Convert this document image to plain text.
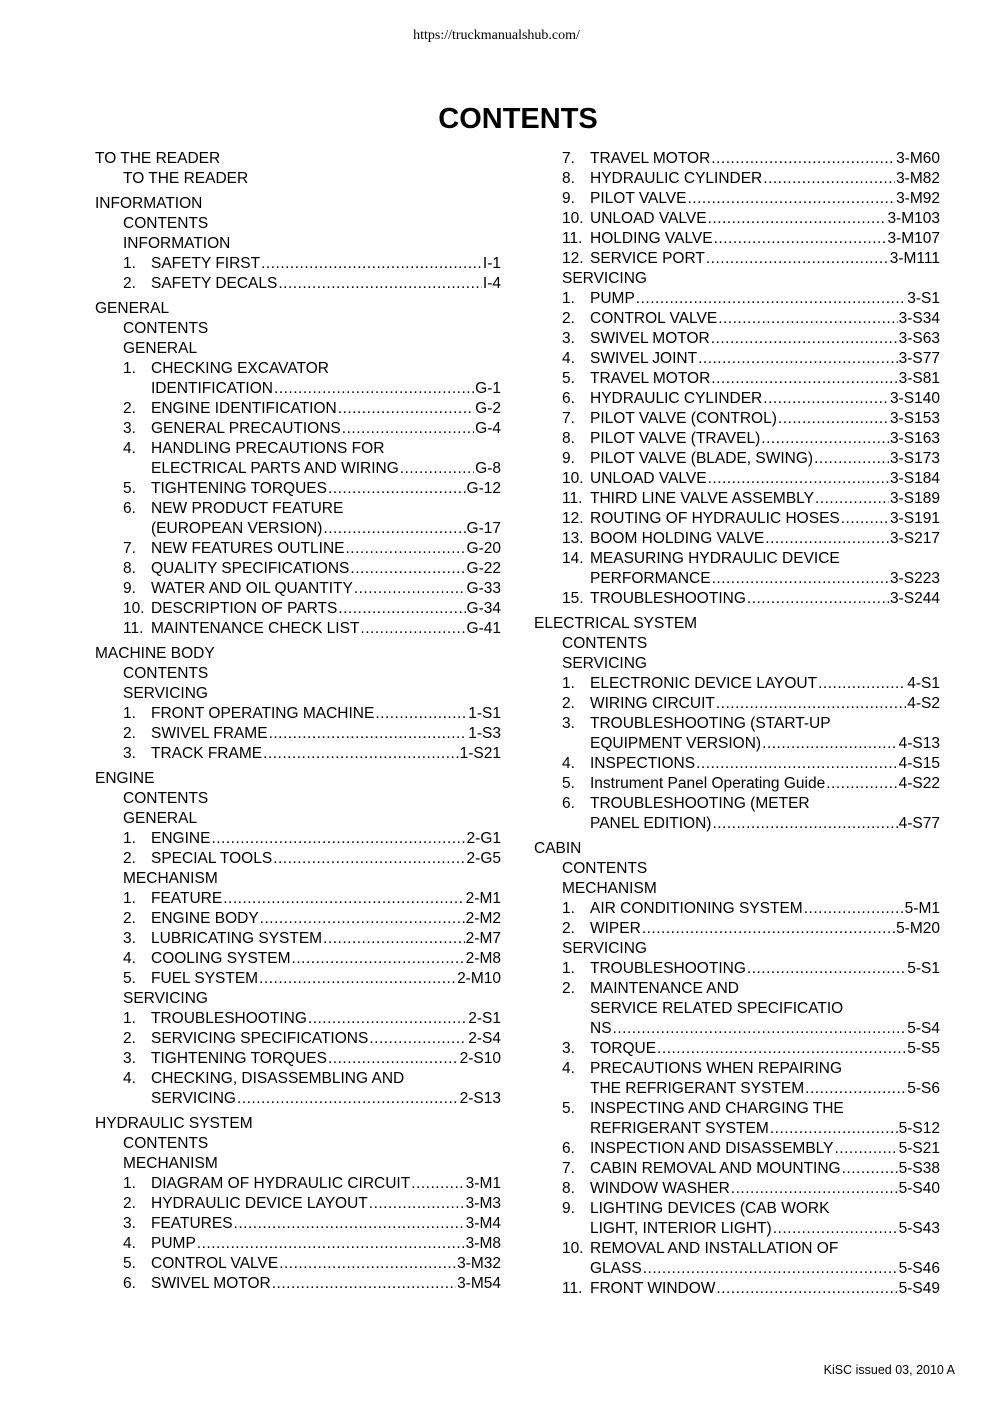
https://truckmanualshub.com/
CONTENTS
TO THE READER
TO THE READER
INFORMATION
CONTENTS
INFORMATION
1. SAFETY FIRST .....	I-1
2. SAFETY DECALS .....	I-4
GENERAL
CONTENTS
GENERAL
1. CHECKING EXCAVATOR
IDENTIFICATION .....	G-1
2. ENGINE IDENTIFICATION .....	G-2
3. GENERAL PRECAUTIONS .....	G-4
4. HANDLING PRECAUTIONS FOR
ELECTRICAL PARTS AND WIRING .....	G-8
5. TIGHTENING TORQUES .....	G-12
6. NEW PRODUCT FEATURE
(EUROPEAN VERSION) .....	G-17
7. NEW FEATURES OUTLINE .....	G-20
8. QUALITY SPECIFICATIONS .....	G-22
9. WATER AND OIL QUANTITY .....	G-33
10. DESCRIPTION OF PARTS .....	G-34
11. MAINTENANCE CHECK LIST .....	G-41
MACHINE BODY
CONTENTS
SERVICING
1. FRONT OPERATING MACHINE .....	1-S1
2. SWIVEL FRAME .....	1-S3
3. TRACK FRAME .....	1-S21
ENGINE
CONTENTS
GENERAL
1. ENGINE .....	2-G1
2. SPECIAL TOOLS .....	2-G5
MECHANISM
1. FEATURE .....	2-M1
2. ENGINE BODY .....	2-M2
3. LUBRICATING SYSTEM .....	2-M7
4. COOLING SYSTEM .....	2-M8
5. FUEL SYSTEM .....	2-M10
SERVICING
1. TROUBLESHOOTING .....	2-S1
2. SERVICING SPECIFICATIONS .....	2-S4
3. TIGHTENING TORQUES .....	2-S10
4. CHECKING, DISASSEMBLING AND
SERVICING .....	2-S13
HYDRAULIC SYSTEM
CONTENTS
MECHANISM
1. DIAGRAM OF HYDRAULIC CIRCUIT .....	3-M1
2. HYDRAULIC DEVICE LAYOUT .....	3-M3
3. FEATURES .....	3-M4
4. PUMP .....	3-M8
5. CONTROL VALVE .....	3-M32
6. SWIVEL MOTOR .....	3-M54
7. TRAVEL MOTOR .....	3-M60
8. HYDRAULIC CYLINDER .....	3-M82
9. PILOT VALVE .....	3-M92
10. UNLOAD VALVE .....	3-M103
11. HOLDING VALVE .....	3-M107
12. SERVICE PORT .....	3-M111
SERVICING
1. PUMP .....	3-S1
2. CONTROL VALVE .....	3-S34
3. SWIVEL MOTOR .....	3-S63
4. SWIVEL JOINT .....	3-S77
5. TRAVEL MOTOR .....	3-S81
6. HYDRAULIC CYLINDER .....	3-S140
7. PILOT VALVE (CONTROL) .....	3-S153
8. PILOT VALVE (TRAVEL) .....	3-S163
9. PILOT VALVE (BLADE, SWING) .....	3-S173
10. UNLOAD VALVE .....	3-S184
11. THIRD LINE VALVE ASSEMBLY .....	3-S189
12. ROUTING OF HYDRAULIC HOSES .....	3-S191
13. BOOM HOLDING VALVE .....	3-S217
14. MEASURING HYDRAULIC DEVICE
PERFORMANCE .....	3-S223
15. TROUBLESHOOTING .....	3-S244
ELECTRICAL SYSTEM
CONTENTS
SERVICING
1. ELECTRONIC DEVICE LAYOUT .....	4-S1
2. WIRING CIRCUIT .....	4-S2
3. TROUBLESHOOTING (START-UP
EQUIPMENT VERSION) .....	4-S13
4. INSPECTIONS .....	4-S15
5. Instrument Panel Operating Guide .....	4-S22
6. TROUBLESHOOTING (METER
PANEL EDITION) .....	4-S77
CABIN
CONTENTS
MECHANISM
1. AIR CONDITIONING SYSTEM .....	5-M1
2. WIPER .....	5-M20
SERVICING
1. TROUBLESHOOTING .....	5-S1
2. MAINTENANCE AND
SERVICE RELATED SPECIFICATIO
NS .....	5-S4
3. TORQUE .....	5-S5
4. PRECAUTIONS WHEN REPAIRING
THE REFRIGERANT SYSTEM .....	5-S6
5. INSPECTING AND CHARGING THE
REFRIGERANT SYSTEM .....	5-S12
6. INSPECTION AND DISASSEMBLY .....	5-S21
7. CABIN REMOVAL AND MOUNTING .....	5-S38
8. WINDOW WASHER .....	5-S40
9. LIGHTING DEVICES (CAB WORK
LIGHT, INTERIOR LIGHT) .....	5-S43
10. REMOVAL AND INSTALLATION OF
GLASS .....	5-S46
11. FRONT WINDOW .....	5-S49
KiSC issued 03, 2010 A
